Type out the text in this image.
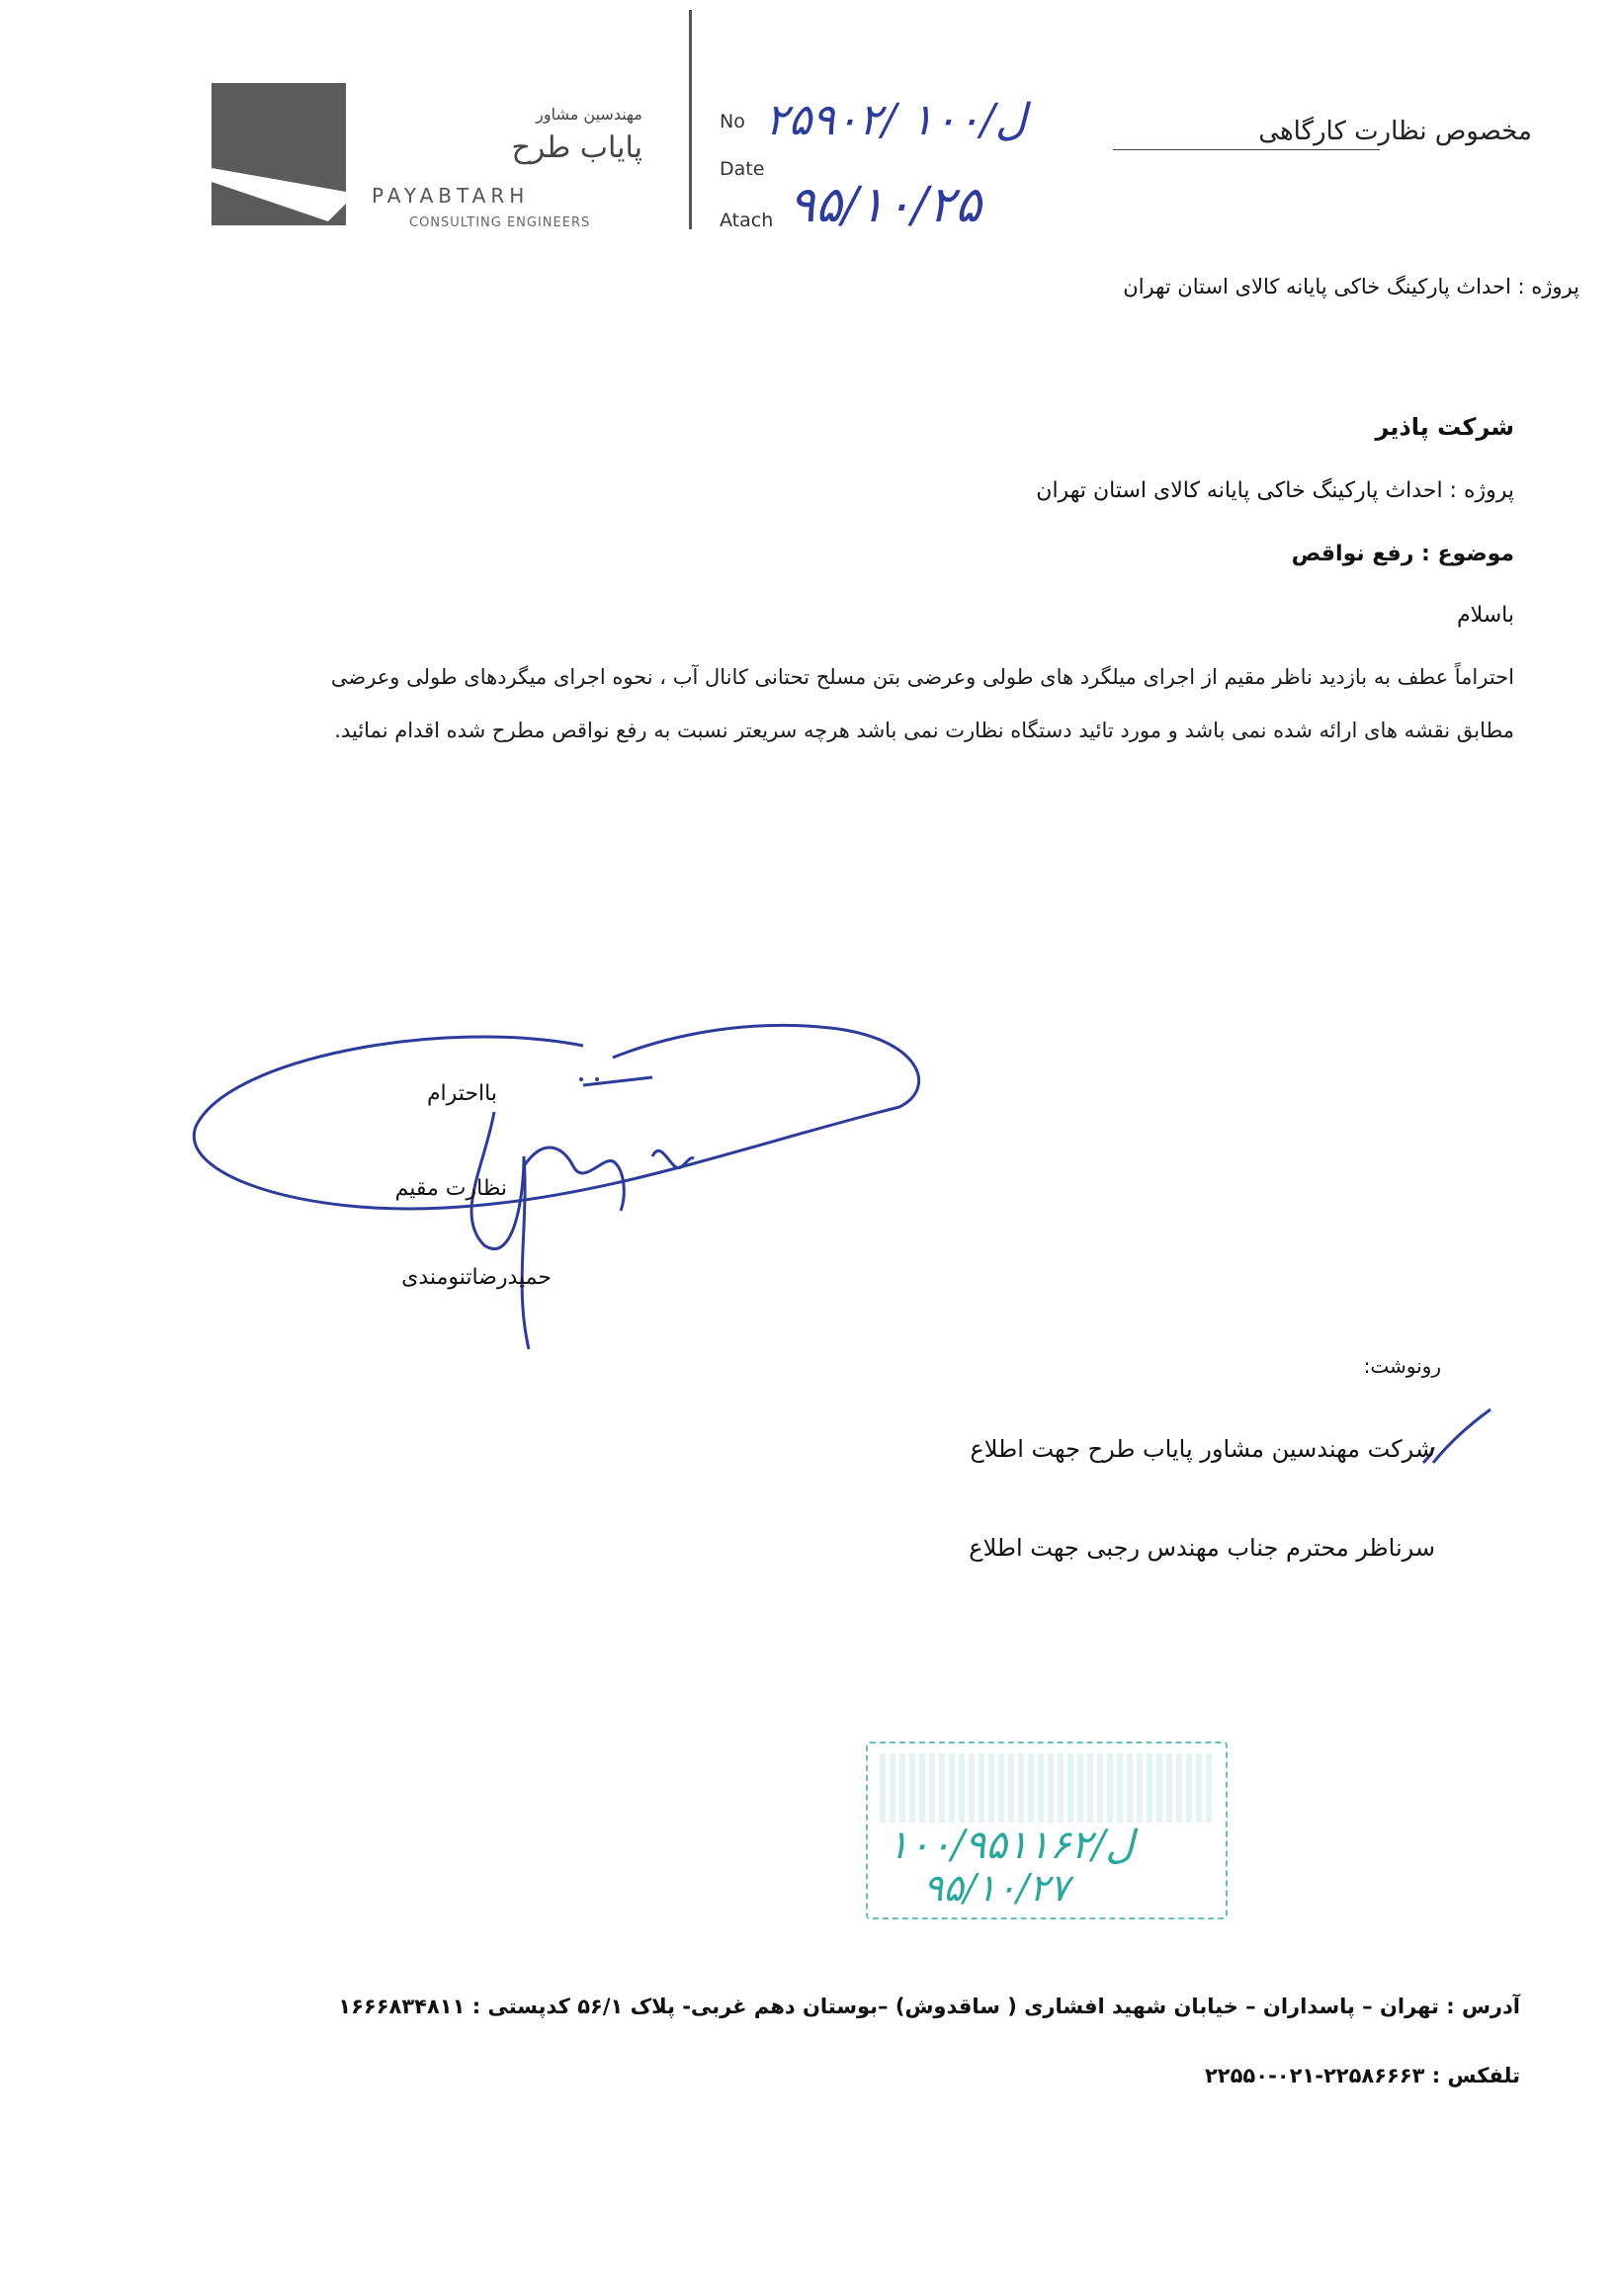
مهندسین مشاور
پایاب طرح
PAYABTARH
CONSULTING ENGINEERS
No ۲۵۹۰۲/ ل/۱۰۰
Date
۹۵/۱۰/۲۵
Atach
مخصوص نظارت کارگاهی
پروژه : احداث پارکینگ خاکی پایانه کالای استان تهران
شرکت پاذیر
پروژه : احداث پارکینگ خاکی پایانه کالای استان تهران
موضوع : رفع نواقص
باسلام
احتراماً عطف به بازدید ناظر مقیم از اجرای میلگرد های طولی وعرضی بتن مسلح تحتانی کانال آب ، نحوه اجرای میگردهای طولی وعرضی
مطابق نقشه های ارائه شده نمی باشد و مورد تائید دستگاه نظارت نمی باشد هرچه سریعتر نسبت به رفع نواقص مطرح شده اقدام نمائید.
بااحترام
نظارت مقیم
حمیدرضاتنومندی
رونوشت:
شرکت مهندسین مشاور پایاب طرح جهت اطلاع
سرناظر محترم جناب مهندس رجبی جهت اطلاع
۱۰۰/۹۵ل/۱۱۶۲
۹۵/۱۰/۲۷
آدرس : تهران – پاسداران – خیابان شهید افشاری ( ساقدوش) –بوستان دهم غربی- پلاک ۵۶/۱ کدپستی : ۱۶۶۶۸۳۴۸۱۱
تلفکس : ۲۲۵۸۶۶۶۳-۰۲۱-۲۲۵۵۰
